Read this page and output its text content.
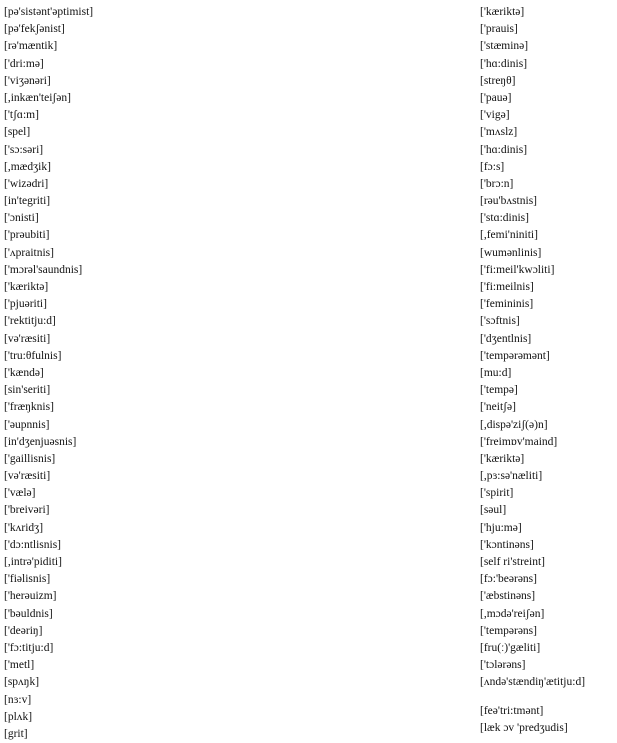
[pə'sistənt'əptimist]
[pə'fekʃənist]
[rə'mæntik]
['dri:mə]
['viʒənəri]
[,inkæn'teiʃən]
['tʃɑ:m]
[spel]
['sɔ:səri]
[,mædʒik]
['wizədri]
[in'tegriti]
['ɔnisti]
['prəubiti]
['ʌpraitnis]
['mɔrəl'saundnis]
['kæriktə]
['pjuəriti]
['rektitju:d]
[və'ræsiti]
['tru:θfulnis]
['kændə]
[sin'seriti]
['fræŋknis]
['əupnnis]
[in'dʒenjuəsnis]
['gaillisnis]
[və'ræsiti]
['vælə]
['breivəri]
['kʌridʒ]
['dɔ:ntlisnis]
[,intrə'piditi]
['fiəlisnis]
['herəuizm]
['bəuldnis]
['deəriŋ]
['fɔ:titju:d]
['metl]
[spʌŋk]
[nɜ:v]
[plʌk]
[grit]
['kæriktə]
['prauis]
['stæminə]
['hɑ:dinis]
[streŋθ]
['pauə]
['vigə]
['mʌslz]
['hɑ:dinis]
[fɔ:s]
['brɔ:n]
[rəu'bʌstnis]
['stɑ:dinis]
[,femi'niniti]
[wumənlinis]
['fi:meil'kwɔliti]
['fi:meilnis]
['femininis]
['sɔftnis]
['dʒentlnis]
['tempərəmənt]
[mu:d]
['tempə]
['neitʃə]
[,dispə'ziʃ(ə)n]
['freimɒv'maind]
['kæriktə]
[,pɜ:sə'næliti]
['spirit]
[səul]
['hju:mə]
['kɔntinəns]
[self ri'streint]
[fɔ:'beərəns]
['æbstinəns]
[,mɔdə'reiʃən]
['tempərəns]
[fru(ː)'gæliti]
['tɔlərəns]
[ʌndə'stændiŋ'ætitju:d]
[feə'tri:tmənt]
[læk ɔv 'predʒudis]
